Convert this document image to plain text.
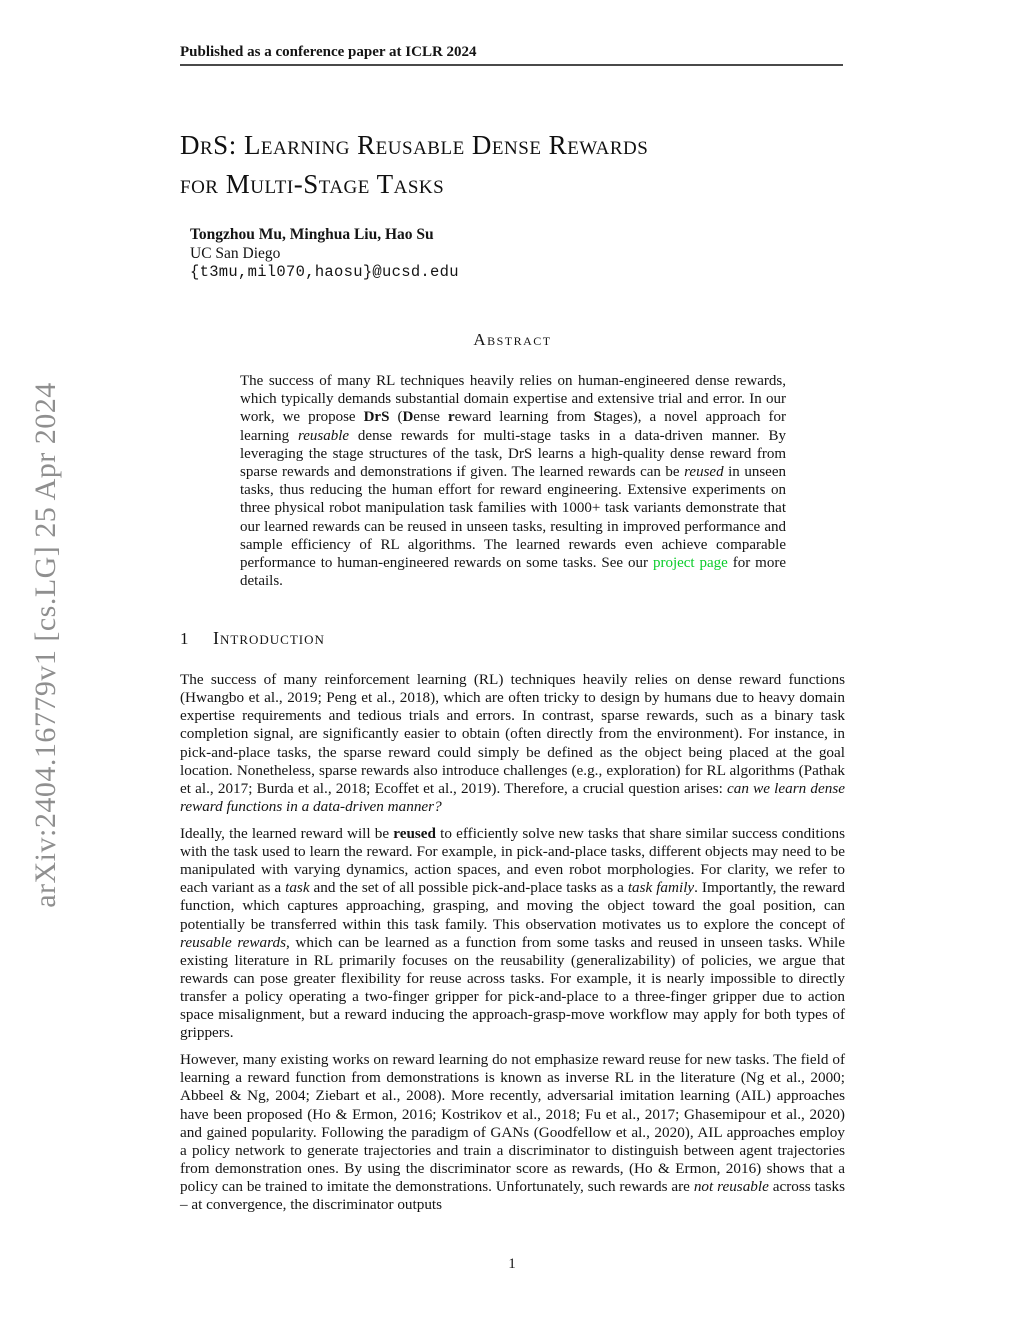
Published as a conference paper at ICLR 2024
arXiv:2404.16779v1 [cs.LG] 25 Apr 2024
DrS: Learning Reusable Dense Rewards
for Multi-Stage Tasks
Tongzhou Mu, Minghua Liu, Hao Su
UC San Diego
{t3mu,mil070,haosu}@ucsd.edu
Abstract
The success of many RL techniques heavily relies on human-engineered dense rewards, which typically demands substantial domain expertise and extensive trial and error. In our work, we propose DrS (Dense reward learning from Stages), a novel approach for learning reusable dense rewards for multi-stage tasks in a data-driven manner. By leveraging the stage structures of the task, DrS learns a high-quality dense reward from sparse rewards and demonstrations if given. The learned rewards can be reused in unseen tasks, thus reducing the human effort for reward engineering. Extensive experiments on three physical robot manipulation task families with 1000+ task variants demonstrate that our learned rewards can be reused in unseen tasks, resulting in improved performance and sample efficiency of RL algorithms. The learned rewards even achieve comparable performance to human-engineered rewards on some tasks. See our project page for more details.
1 Introduction

The success of many reinforcement learning (RL) techniques heavily relies on dense reward functions (Hwangbo et al., 2019; Peng et al., 2018), which are often tricky to design by humans due to heavy domain expertise requirements and tedious trials and errors. In contrast, sparse rewards, such as a binary task completion signal, are significantly easier to obtain (often directly from the environment). For instance, in pick-and-place tasks, the sparse reward could simply be defined as the object being placed at the goal location. Nonetheless, sparse rewards also introduce challenges (e.g., exploration) for RL algorithms (Pathak et al., 2017; Burda et al., 2018; Ecoffet et al., 2019). Therefore, a crucial question arises: can we learn dense reward functions in a data-driven manner?

Ideally, the learned reward will be reused to efficiently solve new tasks that share similar success conditions with the task used to learn the reward. For example, in pick-and-place tasks, different objects may need to be manipulated with varying dynamics, action spaces, and even robot morphologies. For clarity, we refer to each variant as a task and the set of all possible pick-and-place tasks as a task family. Importantly, the reward function, which captures approaching, grasping, and moving the object toward the goal position, can potentially be transferred within this task family. This observation motivates us to explore the concept of reusable rewards, which can be learned as a function from some tasks and reused in unseen tasks. While existing literature in RL primarily focuses on the reusability (generalizability) of policies, we argue that rewards can pose greater flexibility for reuse across tasks. For example, it is nearly impossible to directly transfer a policy operating a two-finger gripper for pick-and-place to a three-finger gripper due to action space misalignment, but a reward inducing the approach-grasp-move workflow may apply for both types of grippers.

However, many existing works on reward learning do not emphasize reward reuse for new tasks. The field of learning a reward function from demonstrations is known as inverse RL in the literature (Ng et al., 2000; Abbeel & Ng, 2004; Ziebart et al., 2008). More recently, adversarial imitation learning (AIL) approaches have been proposed (Ho & Ermon, 2016; Kostrikov et al., 2018; Fu et al., 2017; Ghasemipour et al., 2020) and gained popularity. Following the paradigm of GANs (Goodfellow et al., 2020), AIL approaches employ a policy network to generate trajectories and train a discriminator to distinguish between agent trajectories from demonstration ones. By using the discriminator score as rewards, (Ho & Ermon, 2016) shows that a policy can be trained to imitate the demonstrations. Unfortunately, such rewards are not reusable across tasks – at convergence, the discriminator outputs

1
